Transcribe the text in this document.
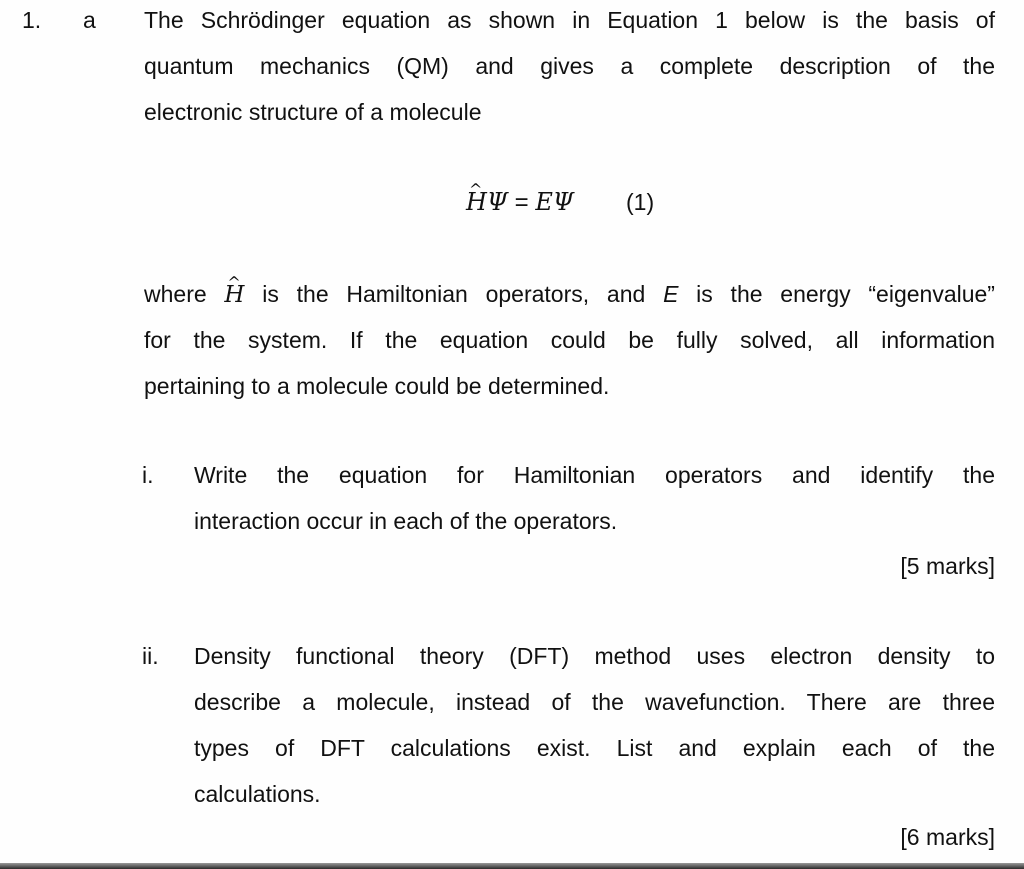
1. a The Schrödinger equation as shown in Equation 1 below is the basis of
quantum mechanics (QM) and gives a complete description of the
electronic structure of a molecule
^ HΨ = EΨ (1)
where ^ H is the Hamiltonian operators, and E is the energy “eigenvalue”
for the system. If the equation could be fully solved, all information
pertaining to a molecule could be determined.
i. Write the equation for Hamiltonian operators and identify the
interaction occur in each of the operators.
[5 marks]
ii. Density functional theory (DFT) method uses electron density to
describe a molecule, instead of the wavefunction. There are three
types of DFT calculations exist. List and explain each of the
calculations.
[6 marks]
